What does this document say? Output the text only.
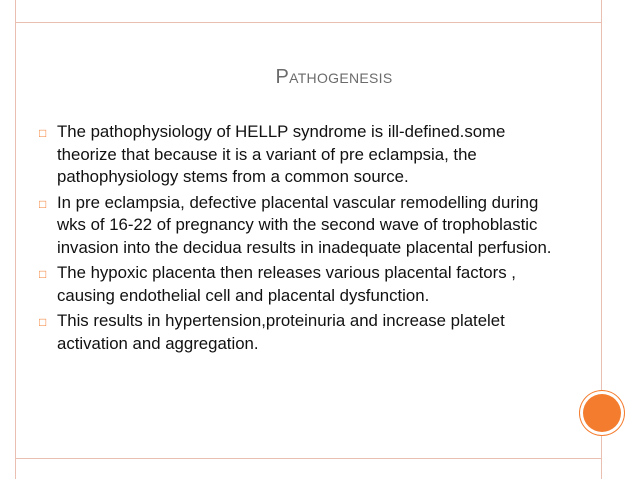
Pathogenesis
□ The pathophysiology of HELLP syndrome is ill-defined.some theorize that because it is a variant of pre eclampsia, the pathophysiology stems from a common source.
□ In pre eclampsia, defective placental vascular remodelling during wks of 16-22 of pregnancy with the second wave of trophoblastic invasion into the decidua results in inadequate placental perfusion.
□ The hypoxic placenta then releases various placental factors , causing endothelial cell and placental dysfunction.
□ This results in hypertension,proteinuria and increase platelet activation and aggregation.
